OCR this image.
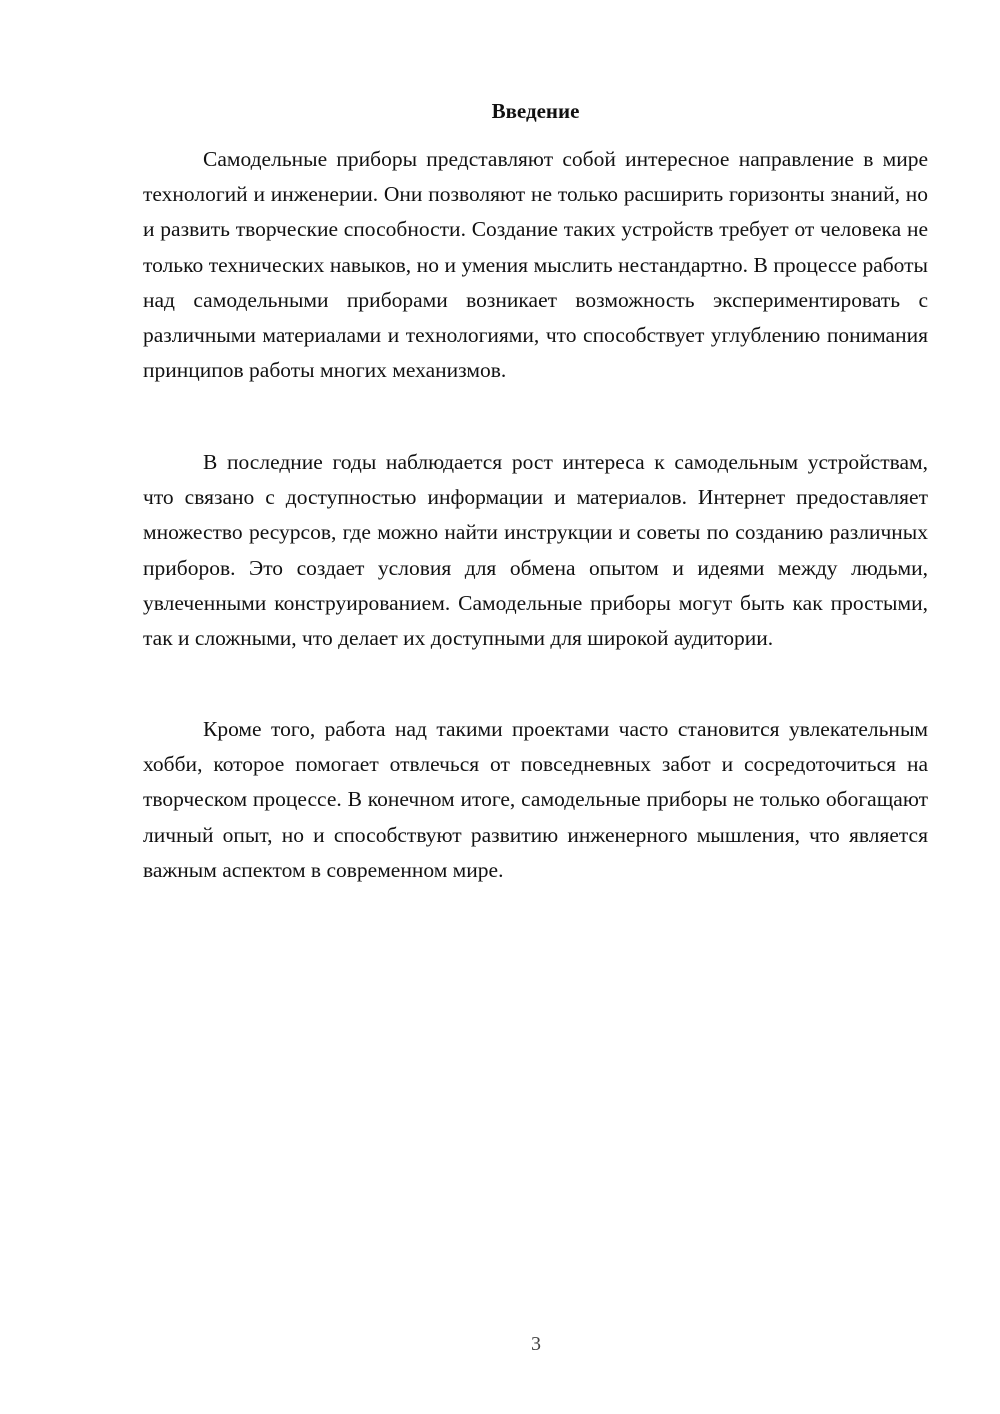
Введение

Самодельные приборы представляют собой интересное направление в мире технологий и инженерии. Они позволяют не только расширить горизонты знаний, но и развить творческие способности. Создание таких устройств требует от человека не только технических навыков, но и умения мыслить нестандартно. В процессе работы над самодельными приборами возникает возможность экспериментировать с различными материалами и технологиями, что способствует углублению понимания принципов работы многих механизмов.

В последние годы наблюдается рост интереса к самодельным устройствам, что связано с доступностью информации и материалов. Интернет предоставляет множество ресурсов, где можно найти инструкции и советы по созданию различных приборов. Это создает условия для обмена опытом и идеями между людьми, увлеченными конструированием. Самодельные приборы могут быть как простыми, так и сложными, что делает их доступными для широкой аудитории.

Кроме того, работа над такими проектами часто становится увлекательным хобби, которое помогает отвлечься от повседневных забот и сосредоточиться на творческом процессе. В конечном итоге, самодельные приборы не только обогащают личный опыт, но и способствуют развитию инженерного мышления, что является важным аспектом в современном мире.

3
